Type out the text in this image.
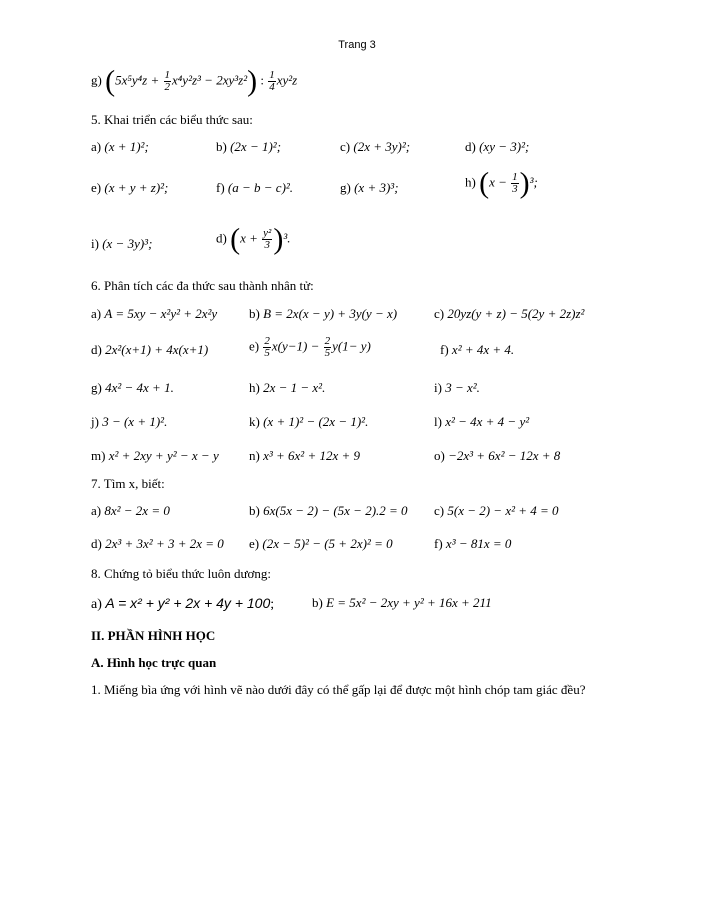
Trang 3
g) $(5x^5y^4z + \frac{1}{2} x^4y^2z^3 - 2xy^3z^2)$ : $\frac{1}{4} xy^2z$
5. Khai triển các biểu thức sau:
a) (x + 1)²;	b) (2x − 1)²;	c) (2x + 3y)²;	d) (xy − 3)²;
e) (x + y + z)²;	f) (a − b − c)².	g) (x + 3)³;	h) $(x - \frac{1}{3} )^3$;
i) (x − 3y)³;	d) $(x + \frac{\text{y²}}{3} )^3$.
6. Phân tích các đa thức sau thành nhân tử:
a) A = 5xy − x²y² + 2x²y b) B = 2x(x − y) + 3y(y − x)	c) 20yz(y + z) − 5(2y + 2z)z²
d) 2x²(x+1) + 4x(x+1)	$e) \frac{2}{5} x(y-1) - \frac{2}{5} y(1- y)$	f) x² + 4x + 4.
g) 4x² − 4x + 1.	h) 2x − 1 − x².	i) 3 − x².
j) 3 − (x + 1)².	k) (x + 1)² − (2x − 1)².	l) x² − 4x + 4 − y²
m) x² + 2xy + y² − x − y n) x³ + 6x² + 12x + 9	o) −2x³ + 6x² − 12x + 8
7. Tìm x, biết:
a) 8x² − 2x = 0	b) 6x(5x − 2) − (5x − 2).2 = 0 c) 5(x − 2) − x² + 4 = 0
d) 2x³ + 3x² + 3 + 2x = 0 e) (2x − 5)² − (5 + 2x)² = 0	f) x³ − 81x = 0
8. Chứng tỏ biểu thức luôn dương:
a) A = x² + y² + 2x + 4y + 100;	b) E = 5x² − 2xy + y² + 16x + 211
II. PHẦN HÌNH HỌC
A. Hình học trực quan
1. Miếng bìa ứng với hình vẽ nào dưới đây có thể gấp lại để được một hình chóp tam giác đều?
